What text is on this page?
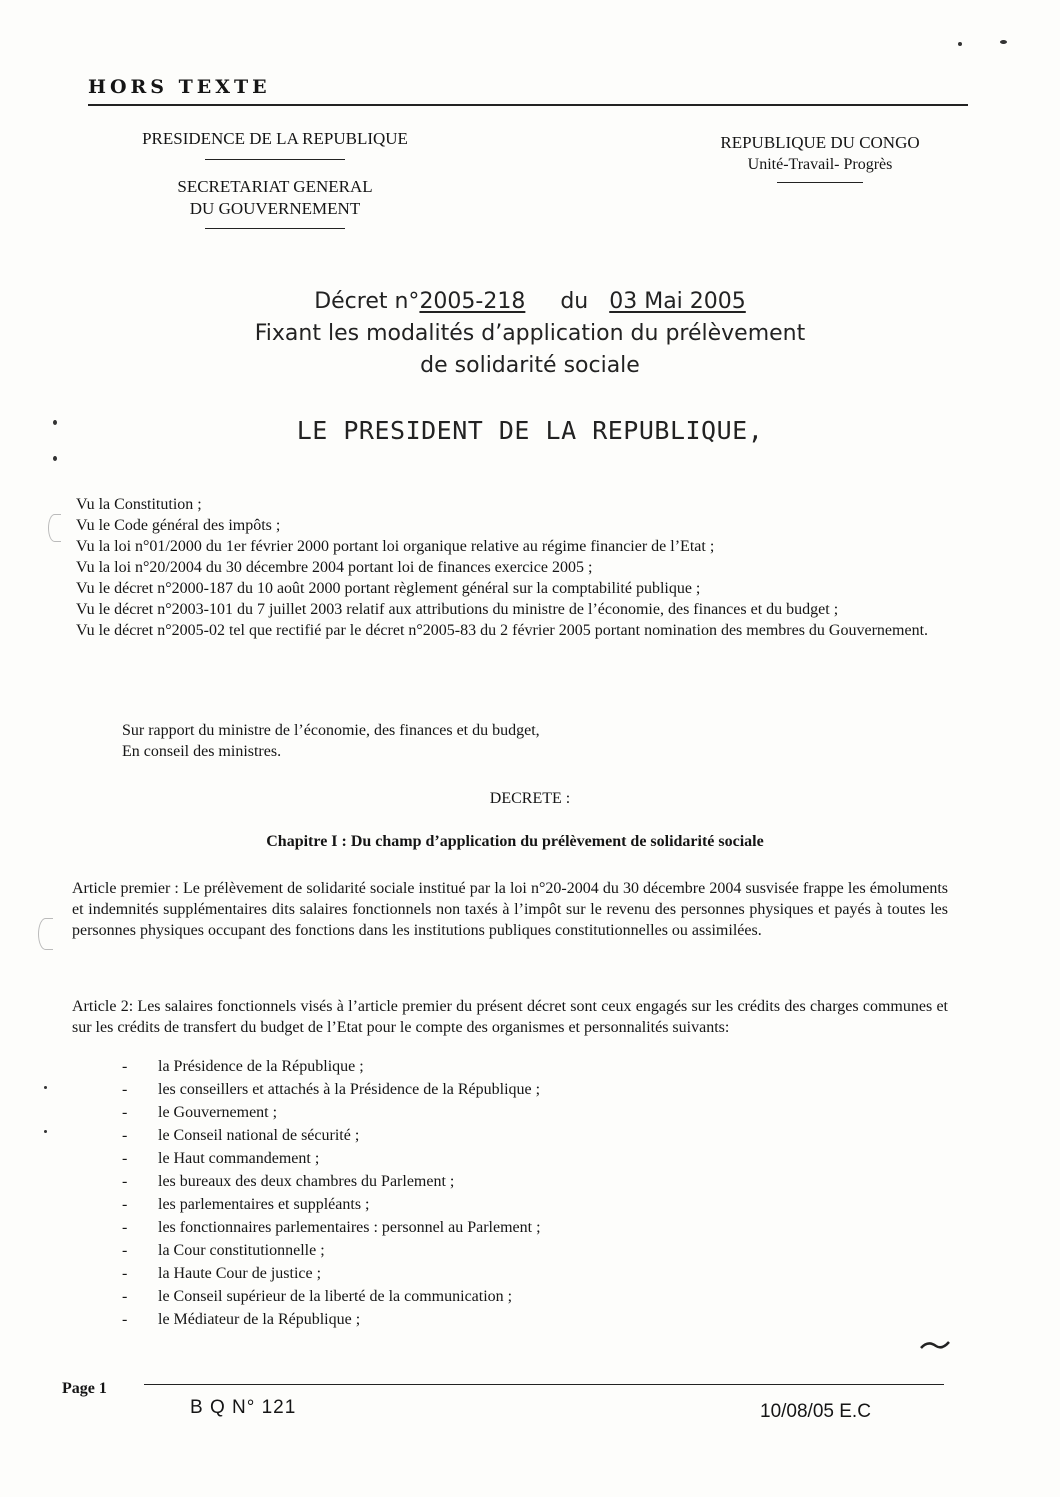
HORS TEXTE
PRESIDENCE DE LA REPUBLIQUE
SECRETARIAT GENERAL
DU GOUVERNEMENT
REPUBLIQUE DU CONGO
Unité-Travail- Progrès
Décret n°2005-218 du 03 Mai 2005
Fixant les modalités d’application du prélèvement
de solidarité sociale
LE PRESIDENT DE LA REPUBLIQUE,

Vu la Constitution ;

Vu le Code général des impôts ;

Vu la loi n°01/2000 du 1er février 2000 portant loi organique relative au régime financier de l’Etat ;

Vu la loi n°20/2004 du 30 décembre 2004 portant loi de finances exercice 2005 ;

Vu le décret n°2000-187 du 10 août 2000 portant règlement général sur la comptabilité publique ;

Vu le décret n°2003-101 du 7 juillet 2003 relatif aux attributions du ministre de l’économie, des finances et du budget ;

Vu le décret n°2005-02 tel que rectifié par le décret n°2005-83 du 2 février 2005 portant nomination des membres du Gouvernement.

Sur rapport du ministre de l’économie, des finances et du budget,

En conseil des ministres.

DECRETE :
Chapitre I : Du champ d’application du prélèvement de solidarité sociale
Article premier : Le prélèvement de solidarité sociale institué par la loi n°20-2004 du 30 décembre 2004 susvisée frappe les émoluments et indemnités supplémentaires dits salaires fonctionnels non taxés à l’impôt sur le revenu des personnes physiques et payés à toutes les personnes physiques occupant des fonctions dans les institutions publiques constitutionnelles ou assimilées.
Article 2: Les salaires fonctionnels visés à l’article premier du présent décret sont ceux engagés sur les crédits des charges communes et sur les crédits de transfert du budget de l’Etat pour le compte des organismes et personnalités suivants:
-	la Présidence de la République ;
-	les conseillers et attachés à la Présidence de la République ;
-	le Gouvernement ;
-	le Conseil national de sécurité ;
-	le Haut commandement ;
-	les bureaux des deux chambres du Parlement ;
-	les parlementaires et suppléants ;
-	les fonctionnaires parlementaires : personnel au Parlement ;
-	la Cour constitutionnelle ;
-	la Haute Cour de justice ;
-	le Conseil supérieur de la liberté de la communication ;
-	le Médiateur de la République ;
Page 1
B Q N° 121	10/08/05 E.C
